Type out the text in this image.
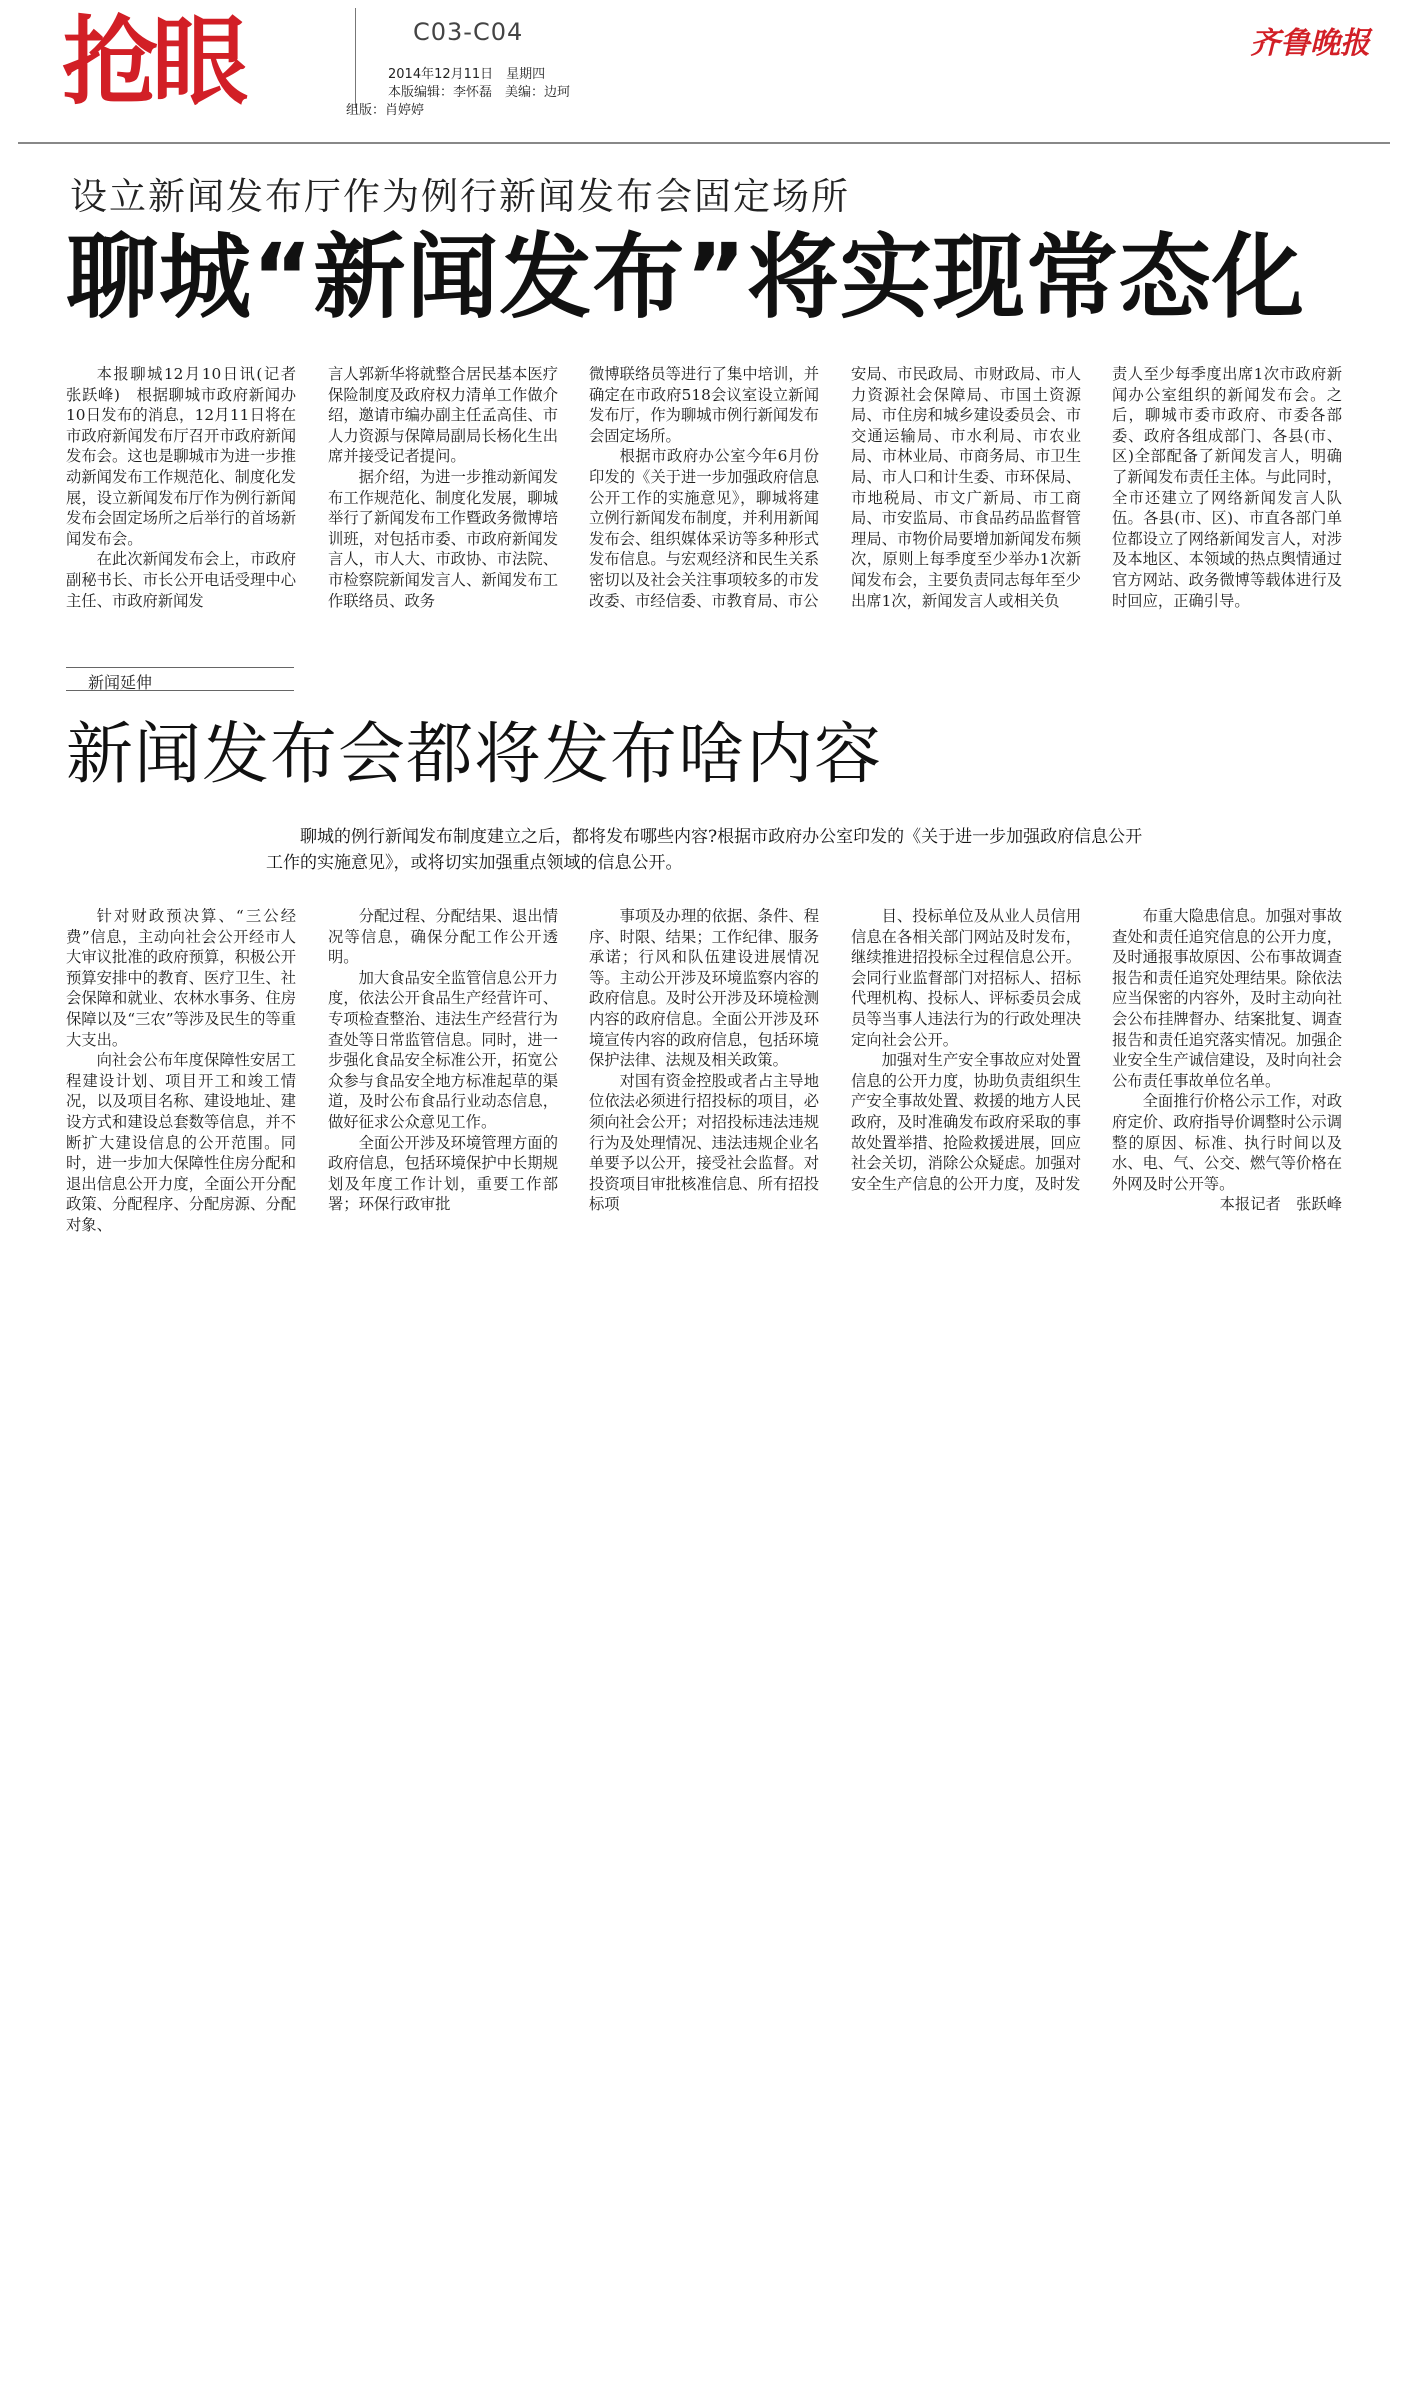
抢眼	C03-C04
2014年12月11日　星期四
本版编辑：李怀磊　美编：边珂
组版：肖婷婷
齐鲁晚报
设立新闻发布厅作为例行新闻发布会固定场所
聊城“新闻发布”将实现常态化

本报聊城12月10日讯(记者　张跃峰)　根据聊城市政府新闻办10日发布的消息，12月11日将在市政府新闻发布厅召开市政府新闻发布会。这也是聊城市为进一步推动新闻发布工作规范化、制度化发展，设立新闻发布厅作为例行新闻发布会固定场所之后举行的首场新闻发布会。

在此次新闻发布会上，市政府副秘书长、市长公开电话受理中心主任、市政府新闻发

言人郭新华将就整合居民基本医疗保险制度及政府权力清单工作做介绍，邀请市编办副主任孟高佳、市人力资源与保障局副局长杨化生出席并接受记者提问。

据介绍，为进一步推动新闻发布工作规范化、制度化发展，聊城举行了新闻发布工作暨政务微博培训班，对包括市委、市政府新闻发言人，市人大、市政协、市法院、市检察院新闻发言人、新闻发布工作联络员、政务

微博联络员等进行了集中培训，并确定在市政府518会议室设立新闻发布厅，作为聊城市例行新闻发布会固定场所。

根据市政府办公室今年6月份印发的《关于进一步加强政府信息公开工作的实施意见》，聊城将建立例行新闻发布制度，并利用新闻发布会、组织媒体采访等多种形式发布信息。与宏观经济和民生关系密切以及社会关注事项较多的市发改委、市经信委、市教育局、市公

安局、市民政局、市财政局、市人力资源社会保障局、市国土资源局、市住房和城乡建设委员会、市交通运输局、市水利局、市农业局、市林业局、市商务局、市卫生局、市人口和计生委、市环保局、市地税局、市文广新局、市工商局、市安监局、市食品药品监督管理局、市物价局要增加新闻发布频次，原则上每季度至少举办1次新闻发布会，主要负责同志每年至少出席1次，新闻发言人或相关负

责人至少每季度出席1次市政府新闻办公室组织的新闻发布会。之后，聊城市委市政府、市委各部委、政府各组成部门、各县(市、区)全部配备了新闻发言人，明确了新闻发布责任主体。与此同时，全市还建立了网络新闻发言人队伍。各县(市、区)、市直各部门单位都设立了网络新闻发言人，对涉及本地区、本领域的热点舆情通过官方网站、政务微博等载体进行及时回应，正确引导。

新闻延伸
新闻发布会都将发布啥内容
聊城的例行新闻发布制度建立之后，都将发布哪些内容?根据市政府办公室印发的《关于进一步加强政府信息公开工作的实施意见》，或将切实加强重点领域的信息公开。

针对财政预决算、“三公经费”信息，主动向社会公开经市人大审议批准的政府预算，积极公开预算安排中的教育、医疗卫生、社会保障和就业、农林水事务、住房保障以及“三农”等涉及民生的等重大支出。

向社会公布年度保障性安居工程建设计划、项目开工和竣工情况，以及项目名称、建设地址、建设方式和建设总套数等信息，并不断扩大建设信息的公开范围。同时，进一步加大保障性住房分配和退出信息公开力度，全面公开分配政策、分配程序、分配房源、分配对象、

分配过程、分配结果、退出情况等信息，确保分配工作公开透明。

加大食品安全监管信息公开力度，依法公开食品生产经营许可、专项检查整治、违法生产经营行为查处等日常监管信息。同时，进一步强化食品安全标准公开，拓宽公众参与食品安全地方标准起草的渠道，及时公布食品行业动态信息，做好征求公众意见工作。

全面公开涉及环境管理方面的政府信息，包括环境保护中长期规划及年度工作计划，重要工作部署；环保行政审批

事项及办理的依据、条件、程序、时限、结果；工作纪律、服务承诺；行风和队伍建设进展情况等。主动公开涉及环境监察内容的政府信息。及时公开涉及环境检测内容的政府信息。全面公开涉及环境宣传内容的政府信息，包括环境保护法律、法规及相关政策。

对国有资金控股或者占主导地位依法必须进行招投标的项目，必须向社会公开；对招投标违法违规行为及处理情况、违法违规企业名单要予以公开，接受社会监督。对投资项目审批核准信息、所有招投标项

目、投标单位及从业人员信用信息在各相关部门网站及时发布，继续推进招投标全过程信息公开。会同行业监督部门对招标人、招标代理机构、投标人、评标委员会成员等当事人违法行为的行政处理决定向社会公开。

加强对生产安全事故应对处置信息的公开力度，协助负责组织生产安全事故处置、救援的地方人民政府，及时准确发布政府采取的事故处置举措、抢险救援进展，回应社会关切，消除公众疑虑。加强对安全生产信息的公开力度，及时发

布重大隐患信息。加强对事故查处和责任追究信息的公开力度，及时通报事故原因、公布事故调查报告和责任追究处理结果。除依法应当保密的内容外，及时主动向社会公布挂牌督办、结案批复、调查报告和责任追究落实情况。加强企业安全生产诚信建设，及时向社会公布责任事故单位名单。

全面推行价格公示工作，对政府定价、政府指导价调整时公示调整的原因、标准、执行时间以及水、电、气、公交、燃气等价格在外网及时公开等。

本报记者　张跃峰
